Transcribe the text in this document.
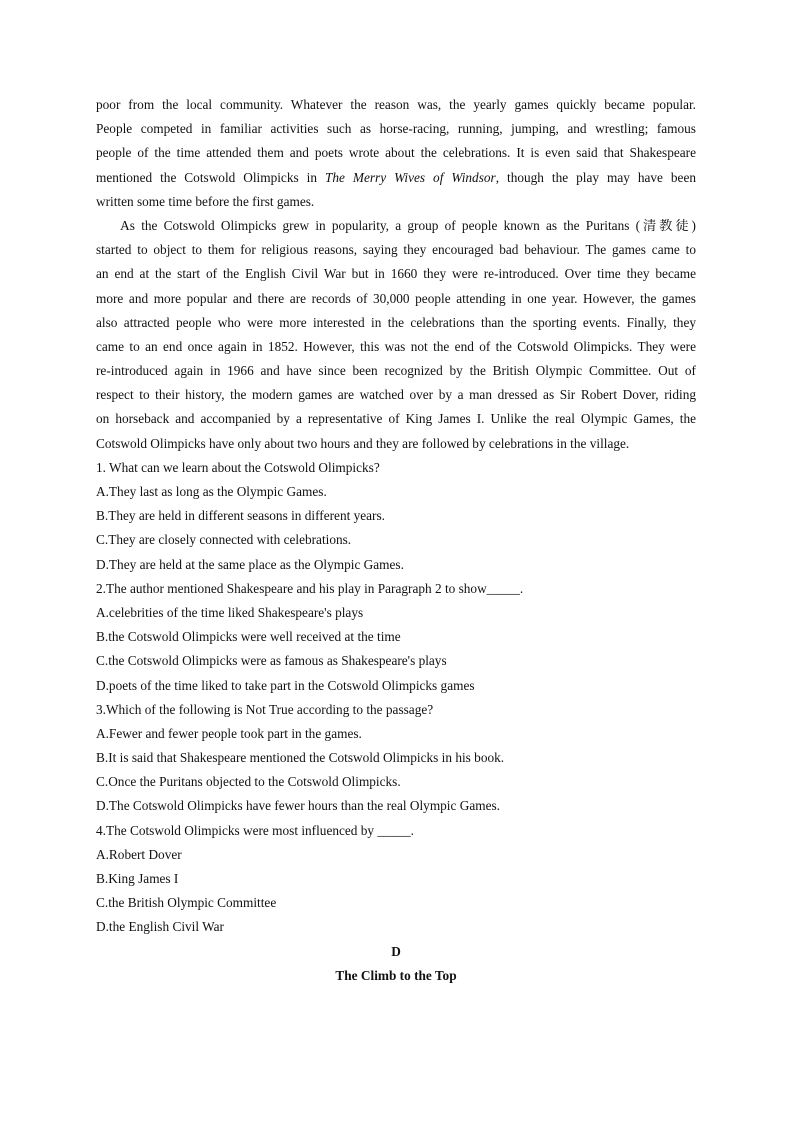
poor from the local community. Whatever the reason was, the yearly games quickly became popular.
People competed in familiar activities such as horse-racing, running, jumping, and wrestling; famous
people of the time attended them and poets wrote about the celebrations. It is even said that Shakespeare
mentioned the Cotswold Olimpicks in The Merry Wives of Windsor, though the play may have been
written some time before the first games.
As the Cotswold Olimpicks grew in popularity, a group of people known as the Puritans (清教徒)
started to object to them for religious reasons, saying they encouraged bad behaviour. The games came to
an end at the start of the English Civil War but in 1660 they were re-introduced. Over time they became
more and more popular and there are records of 30,000 people attending in one year. However, the games
also attracted people who were more interested in the celebrations than the sporting events. Finally, they
came to an end once again in 1852. However, this was not the end of the Cotswold Olimpicks. They were
re-introduced again in 1966 and have since been recognized by the British Olympic Committee. Out of
respect to their history, the modern games are watched over by a man dressed as Sir Robert Dover, riding
on horseback and accompanied by a representative of King James I. Unlike the real Olympic Games, the
Cotswold Olimpicks have only about two hours and they are followed by celebrations in the village.
1. What can we learn about the Cotswold Olimpicks?
A.They last as long as the Olympic Games.
B.They are held in different seasons in different years.
C.They are closely connected with celebrations.
D.They are held at the same place as the Olympic Games.
2.The author mentioned Shakespeare and his play in Paragraph 2 to show_____.
A.celebrities of the time liked Shakespeare's plays
B.the Cotswold Olimpicks were well received at the time
C.the Cotswold Olimpicks were as famous as Shakespeare's plays
D.poets of the time liked to take part in the Cotswold Olimpicks games
3.Which of the following is Not True according to the passage?
A.Fewer and fewer people took part in the games.
B.It is said that Shakespeare mentioned the Cotswold Olimpicks in his book.
C.Once the Puritans objected to the Cotswold Olimpicks.
D.The Cotswold Olimpicks have fewer hours than the real Olympic Games.
4.The Cotswold Olimpicks were most influenced by _____.
A.Robert Dover
B.King James I
C.the British Olympic Committee
D.the English Civil War
D
The Climb to the Top
